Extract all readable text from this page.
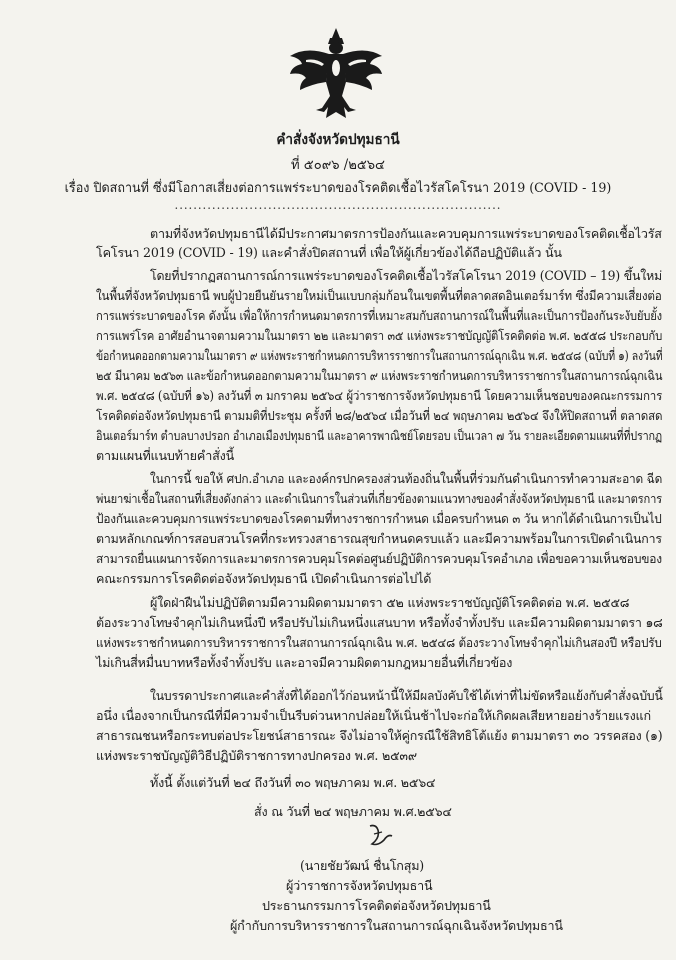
คำสั่งจังหวัดปทุมธานี
ที่ ๕๐๙๖ /๒๕๖๔
เรื่อง ปิดสถานที่ ซึ่งมีโอกาสเสี่ยงต่อการแพร่ระบาดของโรคติดเชื้อไวรัสโคโรนา 2019 (COVID - 19)
......................................................................
ตามที่จังหวัดปทุมธานีได้มีประกาศมาตรการป้องกันและควบคุมการแพร่ระบาดของโรคติดเชื้อไวรัส
โคโรนา 2019 (COVID - 19) และคำสั่งปิดสถานที่ เพื่อให้ผู้เกี่ยวข้องได้ถือปฏิบัติแล้ว นั้น
โดยที่ปรากฏสถานการณ์การแพร่ระบาดของโรคติดเชื้อไวรัสโคโรนา 2019 (COVID – 19) ขึ้นใหม่
ในพื้นที่จังหวัดปทุมธานี พบผู้ป่วยยืนยันรายใหม่เป็นแบบกลุ่มก้อนในเขตพื้นที่ตลาดสดอินเตอร์มาร์ท ซึ่งมีความเสี่ยงต่อ
การแพร่ระบาดของโรค ดังนั้น เพื่อให้การกำหนดมาตรการที่เหมาะสมกับสถานการณ์ในพื้นที่และเป็นการป้องกันระงับยับยั้ง
การแพร่โรค อาศัยอำนาจตามความในมาตรา ๒๒ และมาตรา ๓๕ แห่งพระราชบัญญัติโรคติดต่อ พ.ศ. ๒๕๕๘ ประกอบกับ
ข้อกำหนดออกตามความในมาตรา ๙ แห่งพระราชกำหนดการบริหารราชการในสถานการณ์ฉุกเฉิน พ.ศ. ๒๕๔๘ (ฉบับที่ ๑) ลงวันที่
๒๕ มีนาคม ๒๕๖๓ และข้อกำหนดออกตามความในมาตรา ๙ แห่งพระราชกำหนดการบริหารราชการในสถานการณ์ฉุกเฉิน
พ.ศ. ๒๕๔๘ (ฉบับที่ ๑๖) ลงวันที่ ๓ มกราคม ๒๕๖๔ ผู้ว่าราชการจังหวัดปทุมธานี โดยความเห็นชอบของคณะกรรมการ
โรคติดต่อจังหวัดปทุมธานี ตามมติที่ประชุม ครั้งที่ ๒๘/๒๕๖๔ เมื่อวันที่ ๒๔ พฤษภาคม ๒๕๖๔ จึงให้ปิดสถานที่ ตลาดสด
อินเตอร์มาร์ท ตำบลบางปรอก อำเภอเมืองปทุมธานี และอาคารพาณิชย์โดยรอบ เป็นเวลา ๗ วัน รายละเอียดตามแผนที่ที่ปรากฏ
ตามแผนที่แนบท้ายคำสั่งนี้
ในการนี้ ขอให้ ศปก.อำเภอ และองค์กรปกครองส่วนท้องถิ่นในพื้นที่ร่วมกันดำเนินการทำความสะอาด ฉีด
พ่นยาฆ่าเชื้อในสถานที่เสี่ยงดังกล่าว และดำเนินการในส่วนที่เกี่ยวข้องตามแนวทางของคำสั่งจังหวัดปทุมธานี และมาตรการ
ป้องกันและควบคุมการแพร่ระบาดของโรคตามที่ทางราชการกำหนด เมื่อครบกำหนด ๓ วัน หากได้ดำเนินการเป็นไป
ตามหลักเกณฑ์การสอบสวนโรคที่กระทรวงสาธารณสุขกำหนดครบแล้ว และมีความพร้อมในการเปิดดำเนินการ
สามารถยื่นแผนการจัดการและมาตรการควบคุมโรคต่อศูนย์ปฏิบัติการควบคุมโรคอำเภอ เพื่อขอความเห็นชอบของ
คณะกรรมการโรคติดต่อจังหวัดปทุมธานี เปิดดำเนินการต่อไปได้
ผู้ใดฝ่าฝืนไม่ปฏิบัติตามมีความผิดตามมาตรา ๕๒ แห่งพระราชบัญญัติโรคติดต่อ พ.ศ. ๒๕๕๘
ต้องระวางโทษจำคุกไม่เกินหนึ่งปี หรือปรับไม่เกินหนึ่งแสนบาท หรือทั้งจำทั้งปรับ และมีความผิดตามมาตรา ๑๘
แห่งพระราชกำหนดการบริหารราชการในสถานการณ์ฉุกเฉิน พ.ศ. ๒๕๔๘ ต้องระวางโทษจำคุกไม่เกินสองปี หรือปรับ
ไม่เกินสี่หมื่นบาทหรือทั้งจำทั้งปรับ และอาจมีความผิดตามกฎหมายอื่นที่เกี่ยวข้อง
ในบรรดาประกาศและคำสั่งที่ได้ออกไว้ก่อนหน้านี้ให้มีผลบังคับใช้ได้เท่าที่ไม่ขัดหรือแย้งกับคำสั่งฉบับนี้
อนึ่ง เนื่องจากเป็นกรณีที่มีความจำเป็นรีบด่วนหากปล่อยให้เนิ่นช้าไปจะก่อให้เกิดผลเสียหายอย่างร้ายแรงแก่
สาธารณชนหรือกระทบต่อประโยชน์สาธารณะ จึงไม่อาจให้คู่กรณีใช้สิทธิโต้แย้ง ตามมาตรา ๓๐ วรรคสอง (๑)
แห่งพระราชบัญญัติวิธีปฏิบัติราชการทางปกครอง พ.ศ. ๒๕๓๙
ทั้งนี้ ตั้งแต่วันที่ ๒๔ ถึงวันที่ ๓๐ พฤษภาคม พ.ศ. ๒๕๖๔
สั่ง ณ วันที่ ๒๔ พฤษภาคม พ.ศ.๒๕๖๔
(นายชัยวัฒน์ ชื่นโกสุม)
ผู้ว่าราชการจังหวัดปทุมธานี
ประธานกรรมการโรคติดต่อจังหวัดปทุมธานี
ผู้กำกับการบริหารราชการในสถานการณ์ฉุกเฉินจังหวัดปทุมธานี
